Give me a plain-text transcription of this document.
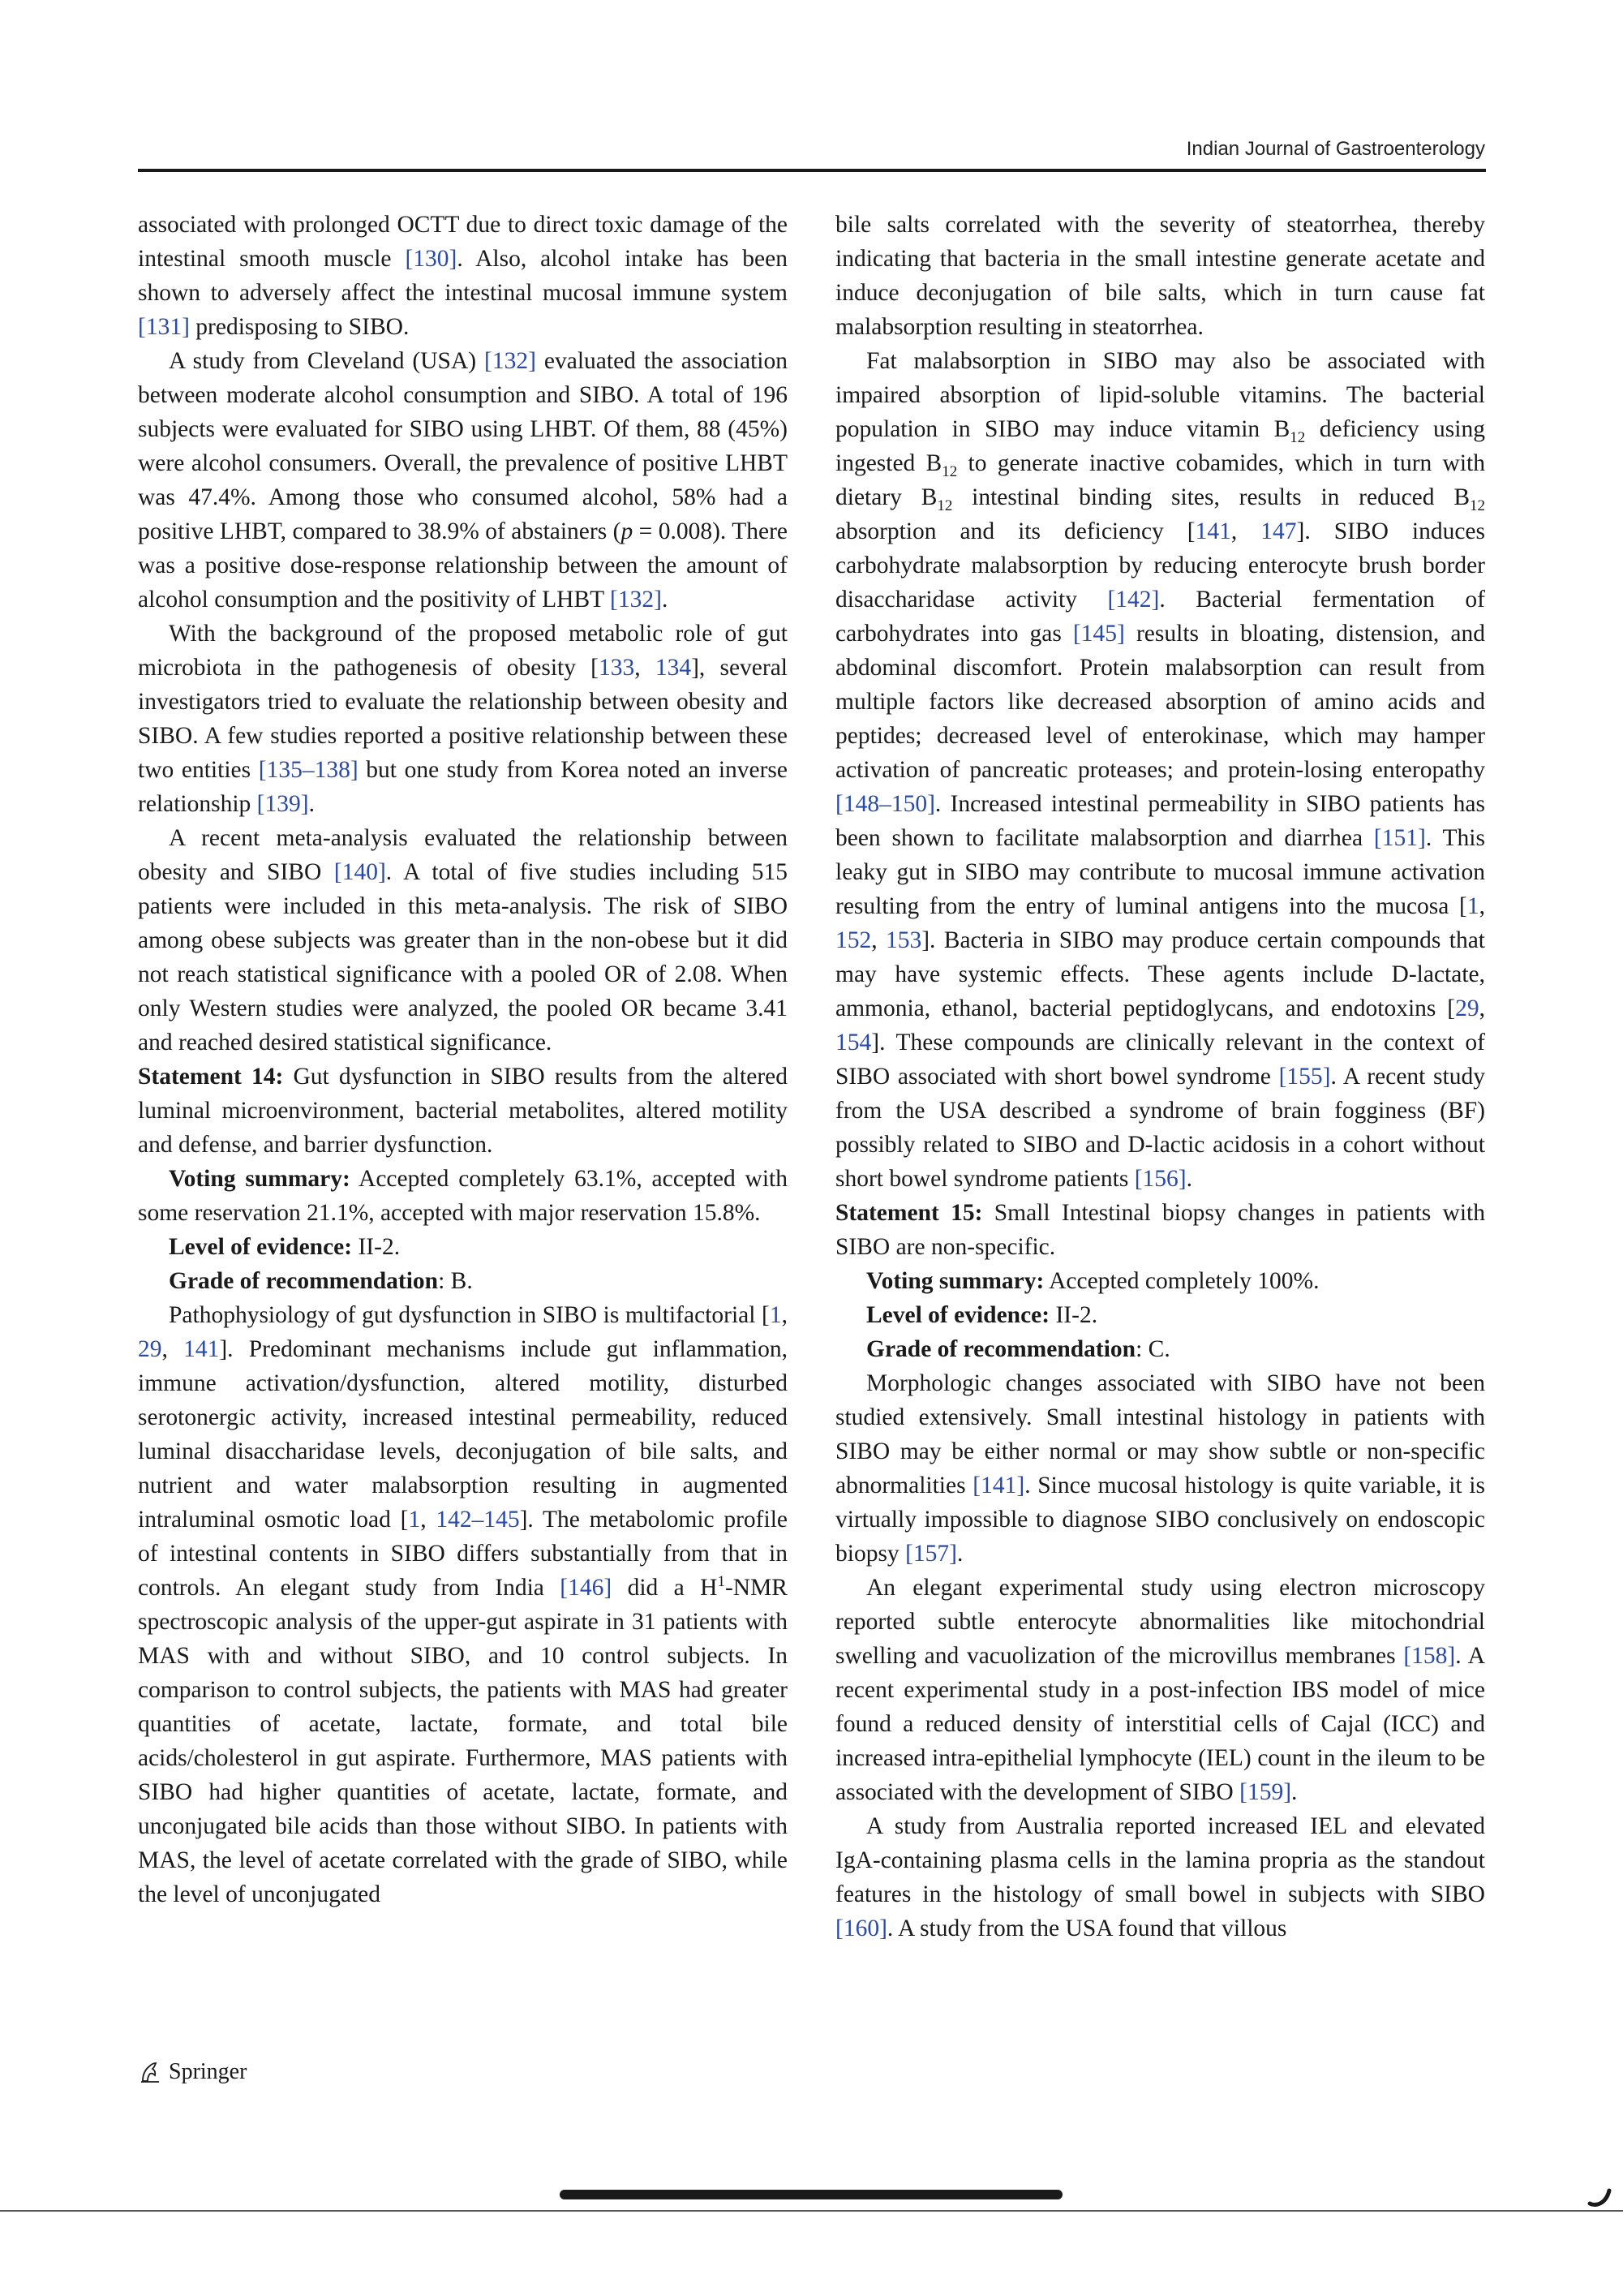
Indian Journal of Gastroenterology

associated with prolonged OCTT due to direct toxic damage of the intestinal smooth muscle [130]. Also, alcohol intake has been shown to adversely affect the intestinal mucosal immune system [131] predisposing to SIBO.

A study from Cleveland (USA) [132] evaluated the association between moderate alcohol consumption and SIBO. A total of 196 subjects were evaluated for SIBO using LHBT. Of them, 88 (45%) were alcohol consumers. Overall, the prevalence of positive LHBT was 47.4%. Among those who consumed alcohol, 58% had a positive LHBT, compared to 38.9% of abstainers (p = 0.008). There was a positive dose-response relationship between the amount of alcohol consumption and the positivity of LHBT [132].

With the background of the proposed metabolic role of gut microbiota in the pathogenesis of obesity [133, 134], several investigators tried to evaluate the relationship between obesity and SIBO. A few studies reported a positive relationship between these two entities [135–138] but one study from Korea noted an inverse relationship [139].

A recent meta-analysis evaluated the relationship between obesity and SIBO [140]. A total of five studies including 515 patients were included in this meta-analysis. The risk of SIBO among obese subjects was greater than in the non-obese but it did not reach statistical significance with a pooled OR of 2.08. When only Western studies were analyzed, the pooled OR became 3.41 and reached desired statistical significance.

Statement 14: Gut dysfunction in SIBO results from the altered luminal microenvironment, bacterial metabolites, altered motility and defense, and barrier dysfunction.

Voting summary: Accepted completely 63.1%, accepted with some reservation 21.1%, accepted with major reservation 15.8%.

Level of evidence: II-2.

Grade of recommendation: B.

Pathophysiology of gut dysfunction in SIBO is multifactorial [1, 29, 141]. Predominant mechanisms include gut inflammation, immune activation/dysfunction, altered motility, disturbed serotonergic activity, increased intestinal permeability, reduced luminal disaccharidase levels, deconjugation of bile salts, and nutrient and water malabsorption resulting in augmented intraluminal osmotic load [1, 142–145]. The metabolomic profile of intestinal contents in SIBO differs substantially from that in controls. An elegant study from India [146] did a $H^1$-NMR spectroscopic analysis of the upper-gut aspirate in 31 patients with MAS with and without SIBO, and 10 control subjects. In comparison to control subjects, the patients with MAS had greater quantities of acetate, lactate, formate, and total bile acids/cholesterol in gut aspirate. Furthermore, MAS patients with SIBO had higher quantities of acetate, lactate, formate, and unconjugated bile acids than those without SIBO. In patients with MAS, the level of acetate correlated with the grade of SIBO, while the level of unconjugated

bile salts correlated with the severity of steatorrhea, thereby indicating that bacteria in the small intestine generate acetate and induce deconjugation of bile salts, which in turn cause fat malabsorption resulting in steatorrhea.

Fat malabsorption in SIBO may also be associated with impaired absorption of lipid-soluble vitamins. The bacterial population in SIBO may induce vitamin $B_{12}$ deficiency using ingested $B_{12}$ to generate inactive cobamides, which in turn with dietary $B_{12}$ intestinal binding sites, results in reduced $B_{12}$ absorption and its deficiency [141, 147]. SIBO induces carbohydrate malabsorption by reducing enterocyte brush border disaccharidase activity [142]. Bacterial fermentation of carbohydrates into gas [145] results in bloating, distension, and abdominal discomfort. Protein malabsorption can result from multiple factors like decreased absorption of amino acids and peptides; decreased level of enterokinase, which may hamper activation of pancreatic proteases; and protein-losing enteropathy [148–150]. Increased intestinal permeability in SIBO patients has been shown to facilitate malabsorption and diarrhea [151]. This leaky gut in SIBO may contribute to mucosal immune activation resulting from the entry of luminal antigens into the mucosa [1, 152, 153]. Bacteria in SIBO may produce certain compounds that may have systemic effects. These agents include D-lactate, ammonia, ethanol, bacterial peptidoglycans, and endotoxins [29, 154]. These compounds are clinically relevant in the context of SIBO associated with short bowel syndrome [155]. A recent study from the USA described a syndrome of brain fogginess (BF) possibly related to SIBO and D-lactic acidosis in a cohort without short bowel syndrome patients [156].

Statement 15: Small Intestinal biopsy changes in patients with SIBO are non-specific.

Voting summary: Accepted completely 100%.

Level of evidence: II-2.

Grade of recommendation: C.

Morphologic changes associated with SIBO have not been studied extensively. Small intestinal histology in patients with SIBO may be either normal or may show subtle or non-specific abnormalities [141]. Since mucosal histology is quite variable, it is virtually impossible to diagnose SIBO conclusively on endoscopic biopsy [157].

An elegant experimental study using electron microscopy reported subtle enterocyte abnormalities like mitochondrial swelling and vacuolization of the microvillus membranes [158]. A recent experimental study in a post-infection IBS model of mice found a reduced density of interstitial cells of Cajal (ICC) and increased intra-epithelial lymphocyte (IEL) count in the ileum to be associated with the development of SIBO [159].

A study from Australia reported increased IEL and elevated IgA-containing plasma cells in the lamina propria as the standout features in the histology of small bowel in subjects with SIBO [160]. A study from the USA found that villous

Springer
